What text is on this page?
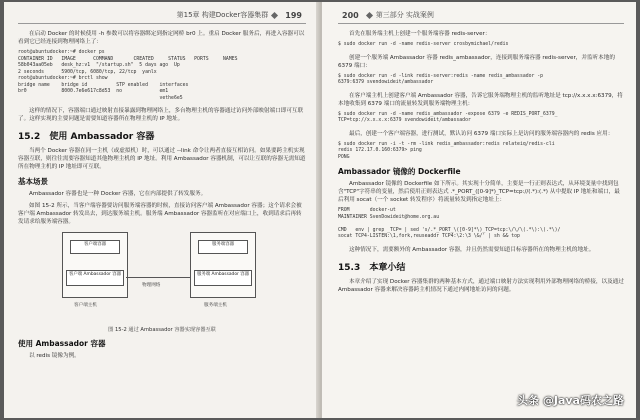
第15章 构建Docker容器集群 199

在启动 Docker 的时候使用 -h 参数可以将容器绑定到指定网桥 br0 上。重启 Docker 服务后，再进入容器可以看到它已经连接到物理网络上了：

root@ubuntudocker:~# docker ps
CONTAINER ID   IMAGE      COMMAND       CREATED     STATUS   PORTS     NAMES
58b043aa05eb   desk_hz:v1  "/startup.sh"  5 days ago  Up
2 seconds      5900/tcp, 6080/tcp, 22/tcp  yanlx
root@ubuntudocker:~# brctl show
bridge name    bridge id          STP enabled    interfaces
br0            8000.7e6e617c8d53  no             em1
vethe6e5

这样的情况下，容器端口通过映射直接暴露到物理网络上，多台物理主机的容器通过访问外部映射端口即可互联了。这样实现的主要问题是需要知道容器所在物理主机的 IP 地址。

15.2 使用 Ambassador 容器

当两个 Docker 容器在同一主机（或虚拟机）时，可以通过 --link 命令让两者直接互相访问。如果要跨主机实现容器互联，则往往需要容器知道其他物理主机的 IP 地址。利用 Ambassador 容器机制，可以让互联的容器无需知道所在物理主机的 IP 地址即可互联。

基本场景

Ambassador 容器也是一种 Docker 容器，它在内部提供了转发服务。

如图 15-2 所示，当客户端容器要访问服务端容器的时候，直接访问客户端 Ambassador 容器；这个请求会被客户端 Ambassador 转发出去，到达服务端主机。服务端 Ambassador 容器监听在对应端口上，收到请求后再转发请求给服务端容器。

客户端容器
客户端 Ambassador 容器
客户端主机
物理网络
服务端容器
服务端 Ambassador 容器
服务端主机
图 15-2 通过 Ambassador 容器实现容器互联
使用 Ambassador 容器

以 redis 镜像为例。

200 第三部分 实战案例

首先在服务端主机上创建一个服务端容器 redis-server：

$ sudo docker run -d -name redis-server crosbymichael/redis

创建一个服务端 Ambassador 容器 redis_ambassador，连接到服务端容器 redis-server，并监听本地的 6379 端口：

$ sudo docker run -d -link redis-server:redis -name redis_ambassador -p
6379:6379 svendowideit/ambassador

在客户端主机上创建客户端 Ambassador 容器，告诉它服务端物理主机的监听地址是 tcp://x.x.x.x:6379，将本地收集到 6379 端口的流量转发到服务端物理主机：

$ sudo docker run -d -name redis_ambassador -expose 6379 -e REDIS_PORT_6379_
TCP=tcp://x.x.x.x:6379 svendowideit/ambassador

最后，创建一个客户端容器，进行测试，默认访问 6379 端口实际上是访问的服务端容器内的 redis 应用：

$ sudo docker run -i -t -rm -link redis_ambassador:redis relateiq/redis-cli
redis 172.17.0.160:6379> ping
PONG
Ambassador 镜像的 Dockerfile

Ambassador 镜像的 Dockerfile 如下所示。其实现十分简单，主要是一行正则表达式，从环境变量中找到包含"TCP"字符串的变量，然后使用正则表达式 .*_PORT_([0-9]*)_TCP=tcp://(.*):(.*) 从中提取 IP 地址和端口，最后利用 socat（一个 socket 转发程序）将流量转发到指定地址上：

FROM       docker-ut
MAINTAINER SvenDowideit@home.org.au

CMD   env | grep _TCP= | sed 's/.*_PORT_\([0-9]*\)_TCP=tcp:\/\/\(.*\):\(.*\)/
socat TCP4-LISTEN:\1,fork,reuseaddr TCP4:\2:\3 \&/' | sh && top

这种情况下，需要额外的 Ambassador 容器，并且仍然需要知道目标容器所在的物理主机的地址。

15.3 本章小结

本章介绍了实现 Docker 容器集群的两种基本方式，通过端口映射方法实现利用外部物理网络的桥接，以及通过 Ambassador 容器来解决容器跨主机情况下通过内网地址访问的问题。

头条 @Java码农之路
